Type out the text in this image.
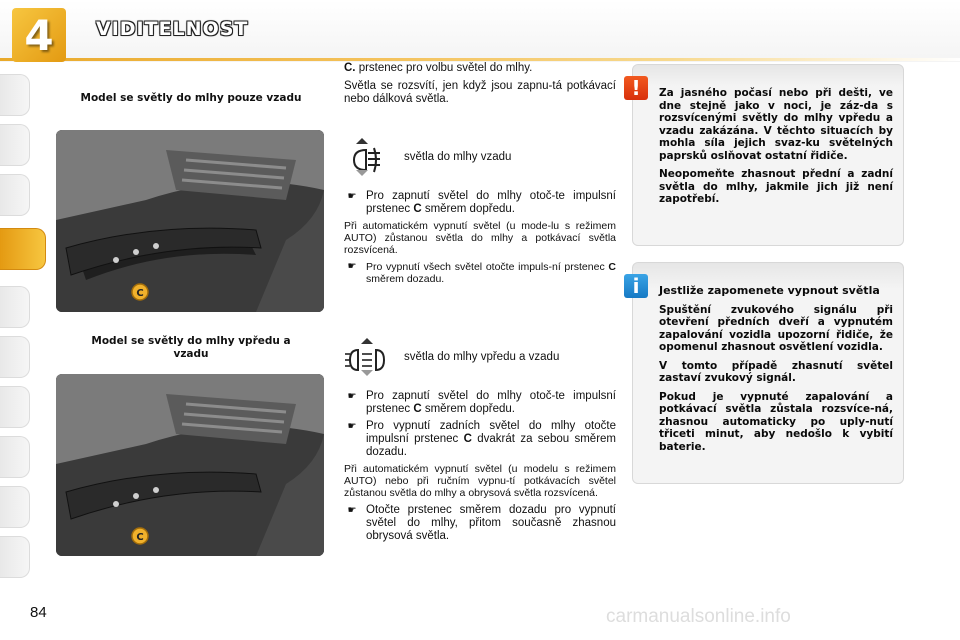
4 VIDITELNOST
Model se světly do mlhy pouze vzadu
C
Model se světly do mlhy vpředu a vzadu
C

C. prstenec pro volbu světel do mlhy.

Světla se rozsvítí, jen když jsou zapnu-tá potkávací nebo dálková světla.

světla do mlhy vzadu
☛ Pro zapnutí světel do mlhy otoč-te impulsní prstenec C směrem dopředu.

Při automatickém vypnutí světel (u mode-lu s režimem AUTO) zůstanou světla do mlhy a potkávací světla rozsvícená.

☛ Pro vypnutí všech světel otočte impuls-ní prstenec C směrem dozadu.
světla do mlhy vpředu a vzadu
☛ Pro zapnutí světel do mlhy otoč-te impulsní prstenec C směrem dopředu.
☛ Pro vypnutí zadních světel do mlhy otočte impulsní prstenec C dvakrát za sebou směrem dozadu.

Při automatickém vypnutí světel (u modelu s režimem AUTO) nebo při ručním vypnu-tí potkávacích světel zůstanou světla do mlhy a obrysová světla rozsvícená.

☛ Otočte prstenec směrem dozadu pro vypnutí světel do mlhy, přitom současně zhasnou obrysová světla.

Za jasného počasí nebo při dešti, ve dne stejně jako v noci, je záz-da s rozsvícenými světly do mlhy vpředu a vzadu zakázána. V těchto situacích by mohla síla jejich svaz-ku světelných paprsků oslňovat ostatní řidiče.

Neopomeňte zhasnout přední a zadní světla do mlhy, jakmile jich již není zapotřebí.

!

Jestliže zapomenete vypnout světla

Spuštění zvukového signálu při otevření předních dveří a vypnutém zapalování vozidla upozorní řidiče, že opomenul zhasnout osvětlení vozidla.

V tomto případě zhasnutí světel zastaví zvukový signál.

Pokud je vypnuté zapalování a potkávací světla zůstala rozsvíce-ná, zhasnou automaticky po uply-nutí třiceti minut, aby nedošlo k vybití baterie.

i
84	carmanualsonline.info
